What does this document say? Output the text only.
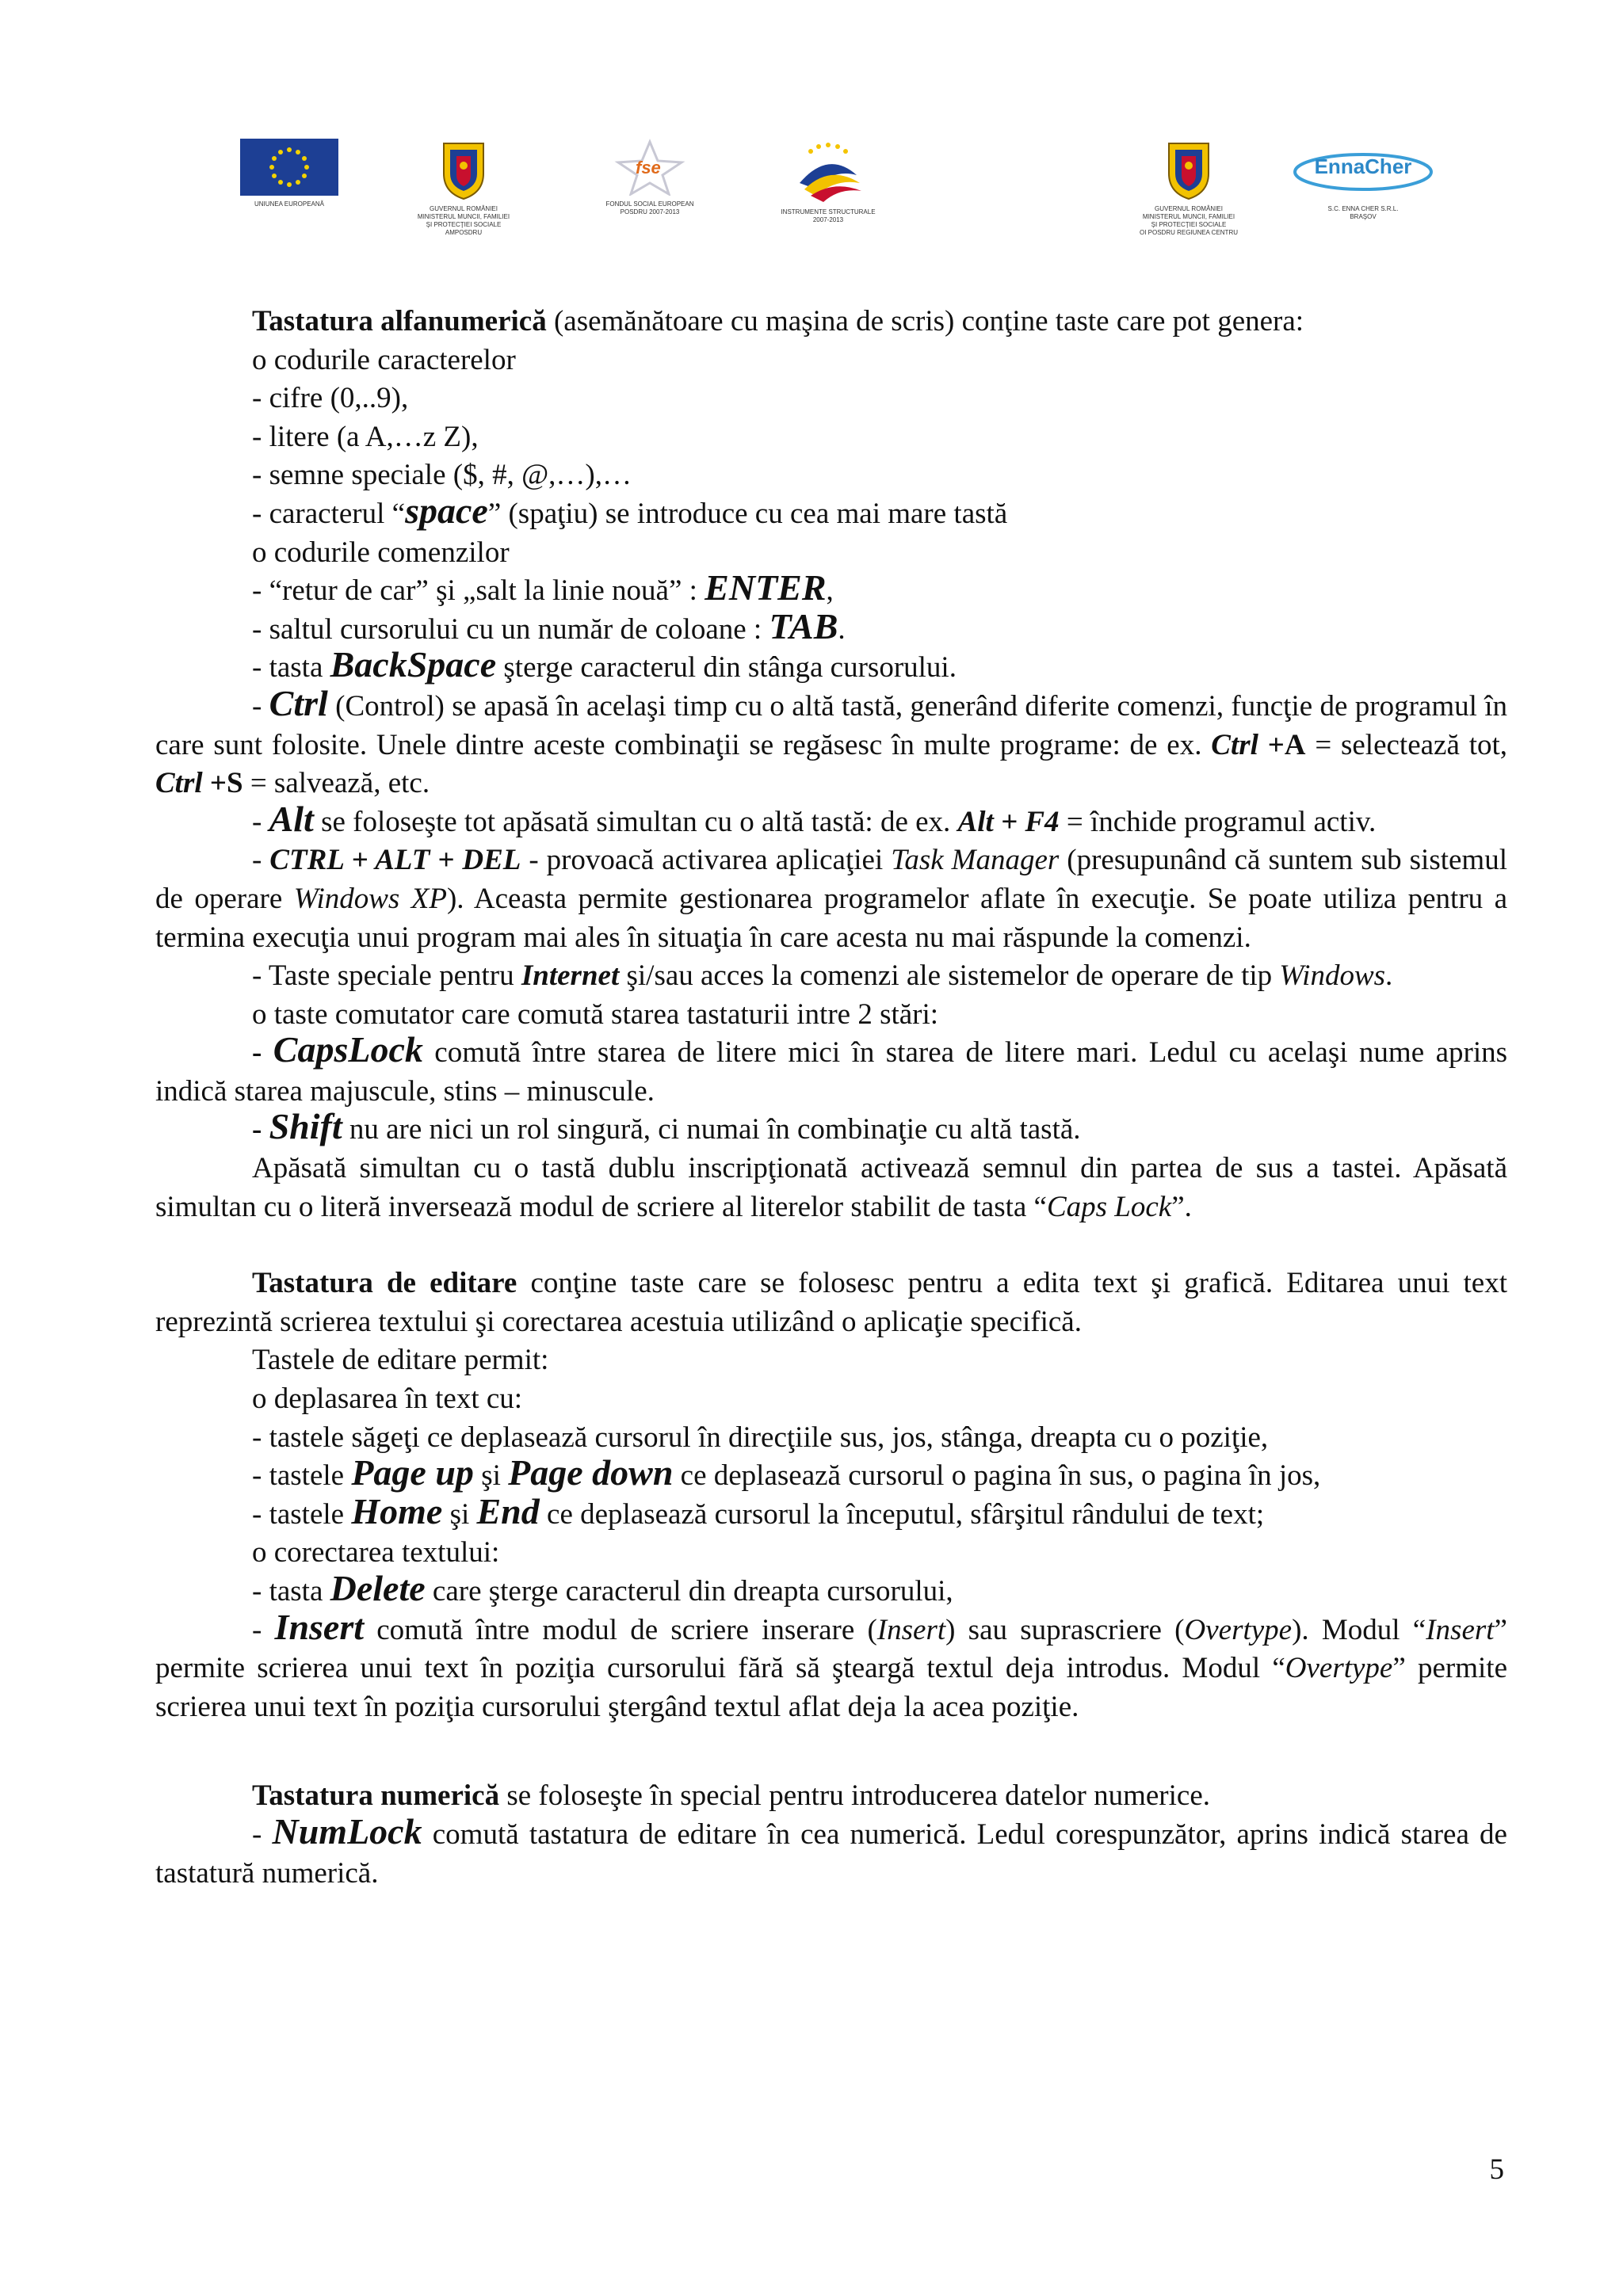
UNIUNEA EUROPEANĂ
GUVERNUL ROMÂNIEI
MINISTERUL MUNCII, FAMILIEI
ŞI PROTECŢIEI SOCIALE
AMPOSDRU
fse
FONDUL SOCIAL EUROPEAN
POSDRU 2007-2013	INSTRUMENTE STRUCTURALE
2007-2013
GUVERNUL ROMÂNIEI
MINISTERUL MUNCII, FAMILIEI
ŞI PROTECŢIEI SOCIALE
OI POSDRU REGIUNEA CENTRU
EnnaCher
S.C. ENNA CHER S.R.L.
BRAŞOV

Tastatura alfanumerică (asemănătoare cu maşina de scris) conţine taste care pot genera:

o codurile caracterelor

- cifre (0,..9),

- litere (a A,…z Z),

- semne speciale ($, #, @,…),…

- caracterul “space” (spaţiu) se introduce cu cea mai mare tastă

o codurile comenzilor

- “retur de car” şi „salt la linie nouă” : ENTER,

- saltul cursorului cu un număr de coloane : TAB.

- tasta BackSpace şterge caracterul din stânga cursorului.

- Ctrl (Control) se apasă în acelaşi timp cu o altă tastă, generând diferite comenzi, funcţie de programul în care sunt folosite. Unele dintre aceste combinaţii se regăsesc în multe programe: de ex. Ctrl +A = selectează tot, Ctrl +S = salvează, etc.

- Alt se foloseşte tot apăsată simultan cu o altă tastă: de ex. Alt + F4 = închide programul activ.

- CTRL + ALT + DEL - provoacă activarea aplicaţiei Task Manager (presupunând că suntem sub sistemul de operare Windows XP). Aceasta permite gestionarea programelor aflate în execuţie. Se poate utiliza pentru a termina execuţia unui program mai ales în situaţia în care acesta nu mai răspunde la comenzi.

- Taste speciale pentru Internet şi/sau acces la comenzi ale sistemelor de operare de tip Windows.

o taste comutator care comută starea tastaturii intre 2 stări:

- CapsLock comută între starea de litere mici în starea de litere mari. Ledul cu acelaşi nume aprins indică starea majuscule, stins – minuscule.

- Shift nu are nici un rol singură, ci numai în combinaţie cu altă tastă.

Apăsată simultan cu o tastă dublu inscripţionată activează semnul din partea de sus a tastei. Apăsată simultan cu o literă inversează modul de scriere al literelor stabilit de tasta “Caps Lock”.

Tastatura de editare conţine taste care se folosesc pentru a edita text şi grafică. Editarea unui text reprezintă scrierea textului şi corectarea acestuia utilizând o aplicaţie specifică.

Tastele de editare permit:

o deplasarea în text cu:

- tastele săgeţi ce deplasează cursorul în direcţiile sus, jos, stânga, dreapta cu o poziţie,

- tastele Page up şi Page down ce deplasează cursorul o pagina în sus, o pagina în jos,

- tastele Home şi End ce deplasează cursorul la începutul, sfârşitul rândului de text;

o corectarea textului:

- tasta Delete care şterge caracterul din dreapta cursorului,

- Insert comută între modul de scriere inserare (Insert) sau suprascriere (Overtype). Modul “Insert” permite scrierea unui text în poziţia cursorului fără să şteargă textul deja introdus. Modul “Overtype” permite scrierea unui text în poziţia cursorului ştergând textul aflat deja la acea poziţie.

Tastatura numerică se foloseşte în special pentru introducerea datelor numerice.

- NumLock comută tastatura de editare în cea numerică. Ledul corespunzător, aprins indică starea de tastatură numerică.

5
